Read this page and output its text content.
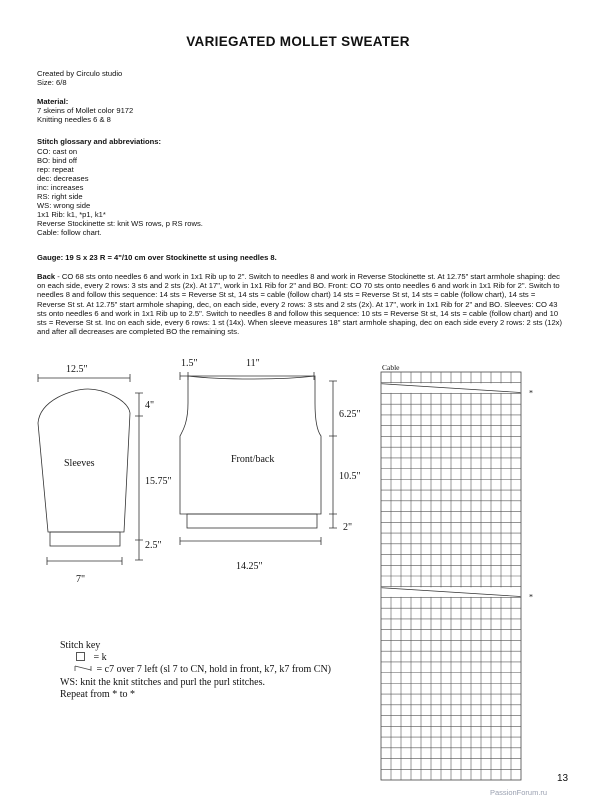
VARIEGATED MOLLET SWEATER
Created by Circulo studio
Size: 6/8
Material:
7 skeins of Mollet color 9172
Knitting needles 6 & 8
Stitch glossary and abbreviations:
CO: cast on
BO: bind off
rep: repeat
dec: decreases
inc: increases
RS: right side
WS: wrong side
1x1 Rib: k1, *p1, k1*
Reverse Stockinette st: knit WS rows, p RS rows.
Cable: follow chart.
Gauge: 19 S x 23 R = 4"/10 cm over Stockinette st using needles 8.
Back - CO 68 sts onto needles 6 and work in 1x1 Rib up to 2". Switch to needles 8 and work in Reverse Stockinette st. At 12.75" start armhole shaping: dec on each side, every 2 rows: 3 sts and 2 sts (2x). At 17", work in 1x1 Rib for 2" and BO. Front: CO 70 sts onto needles 6 and work in 1x1 Rib for 2". Switch to needles 8 and follow this sequence: 14 sts = Reverse St st, 14 sts = cable (follow chart) 14 sts = Reverse St st, 14 sts = cable (follow chart), 14 sts = Reverse St st. At 12.75" start armhole shaping, dec, on each side, every 2 rows: 3 sts and 2 sts (2x). At 17", work in 1x1 Rib for 2" and BO. Sleeves: CO 43 sts onto needles 6 and work in 1x1 Rib up to 2.5". Switch to needles 8 and follow this sequence: 10 sts = Reverse St st, 14 sts = cable (follow chart) and 10 sts = Reverse St st. Inc on each side, every 6 rows: 1 st (14x). When sleeve measures 18" start armhole shaping, dec on each side every 2 rows: 2 sts (12x) and after all decreases are completed BO the remaining sts.
12.5"
4"
15.75"
2.5"
Sleeves
7"
1.5"	11"
6.25"
10.5"
2"
Front/back
14.25"
Cable
*
*
Stitch key
= k
= c7 over 7 left (sl 7 to CN, hold in front, k7, k7 from CN)
WS: knit the knit stitches and purl the purl stitches.
Repeat from * to *
13
PassionForum.ru
